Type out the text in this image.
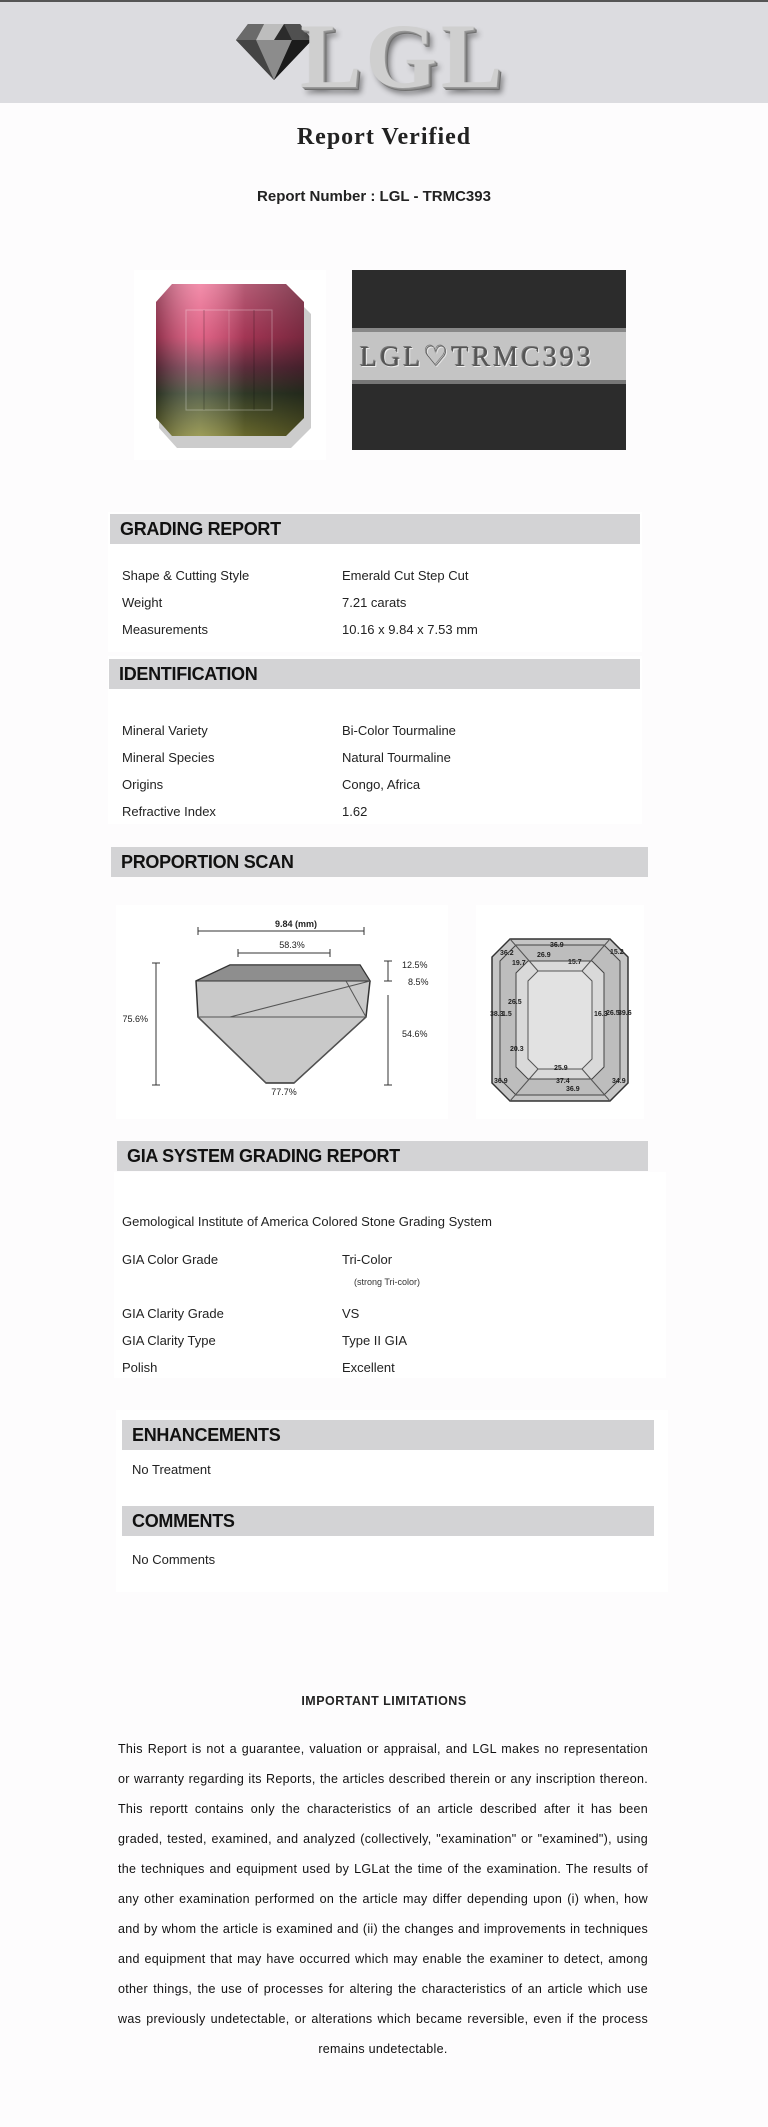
LGL
Report Verified
Report Number : LGL - TRMC393
LGL♡TRMC393
GRADING REPORT
Shape & Cutting Style	Emerald Cut Step Cut
Weight	7.21 carats
Measurements	10.16 x 9.84 x 7.53 mm
IDENTIFICATION
Mineral Variety	Bi-Color Tourmaline
Mineral Species	Natural Tourmaline
Origins	Congo, Africa
Refractive Index	1.62
PROPORTION SCAN
9.84 (mm)
58.3%
75.6%
12.5%
8.5%
54.6%
77.7%
36.9
36.2	26.9	15.2
19.7	15.7
26.5
38.3
1.5	16.3
26.5
39.6
20.3
25.9
36.9	37.4
36.9
34.9
GIA SYSTEM GRADING REPORT
Gemological Institute of America Colored Stone Grading System
GIA Color Grade	Tri-Color
(strong Tri-color)
GIA Clarity Grade	VS
GIA Clarity Type	Type II GIA
Polish	Excellent
ENHANCEMENTS
No Treatment
COMMENTS
No Comments
IMPORTANT LIMITATIONS
This Report is not a guarantee, valuation or appraisal, and LGL makes no representation or warranty regarding its Reports, the articles described therein or any inscription thereon. This reportt contains only the characteristics of an article described after it has been graded, tested, examined, and analyzed (collectively, "examination" or "examined"), using the techniques and equipment used by LGLat the time of the examination. The results of any other examination performed on the article may differ depending upon (i) when, how and by whom the article is examined and (ii) the changes and improvements in techniques and equipment that may have occurred which may enable the examiner to detect, among other things, the use of processes for altering the characteristics of an article which use was previously undetectable, or alterations which became reversible, even if the process remains undetectable.
